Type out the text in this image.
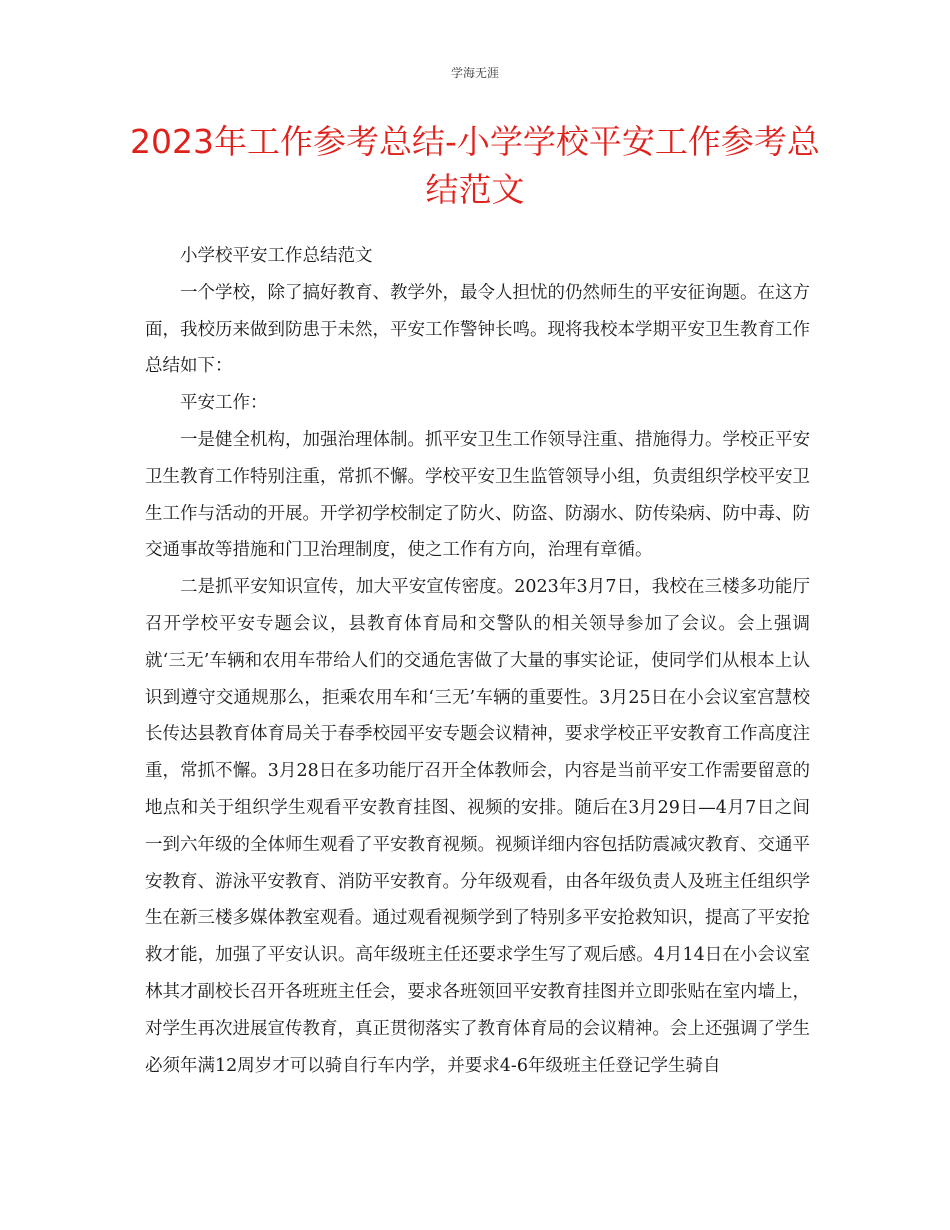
学海无涯
2023年工作参考总结-小学学校平安工作参考总结范文

小学校平安工作总结范文

一个学校，除了搞好教育、教学外，最令人担忧的仍然师生的平安征询题。在这方面，我校历来做到防患于未然，平安工作警钟长鸣。现将我校本学期平安卫生教育工作总结如下：

平安工作：

一是健全机构，加强治理体制。抓平安卫生工作领导注重、措施得力。学校正平安卫生教育工作特别注重，常抓不懈。学校平安卫生监管领导小组，负责组织学校平安卫生工作与活动的开展。开学初学校制定了防火、防盗、防溺水、防传染病、防中毒、防交通事故等措施和门卫治理制度，使之工作有方向，治理有章循。

二是抓平安知识宣传，加大平安宣传密度。2023年3月7日，我校在三楼多功能厅召开学校平安专题会议，县教育体育局和交警队的相关领导参加了会议。会上强调就‘三无’车辆和农用车带给人们的交通危害做了大量的事实论证，使同学们从根本上认识到遵守交通规那么，拒乘农用车和‘三无’车辆的重要性。3月25日在小会议室宫慧校长传达县教育体育局关于春季校园平安专题会议精神，要求学校正平安教育工作高度注重，常抓不懈。3月28日在多功能厅召开全体教师会，内容是当前平安工作需要留意的地点和关于组织学生观看平安教育挂图、视频的安排。随后在3月29日—4月7日之间一到六年级的全体师生观看了平安教育视频。视频详细内容包括防震减灾教育、交通平安教育、游泳平安教育、消防平安教育。分年级观看，由各年级负责人及班主任组织学生在新三楼多媒体教室观看。通过观看视频学到了特别多平安抢救知识，提高了平安抢救才能，加强了平安认识。高年级班主任还要求学生写了观后感。4月14日在小会议室林其才副校长召开各班班主任会，要求各班领回平安教育挂图并立即张贴在室内墙上，对学生再次进展宣传教育，真正贯彻落实了教育体育局的会议精神。会上还强调了学生必须年满12周岁才可以骑自行车内学，并要求4-6年级班主任登记学生骑自
